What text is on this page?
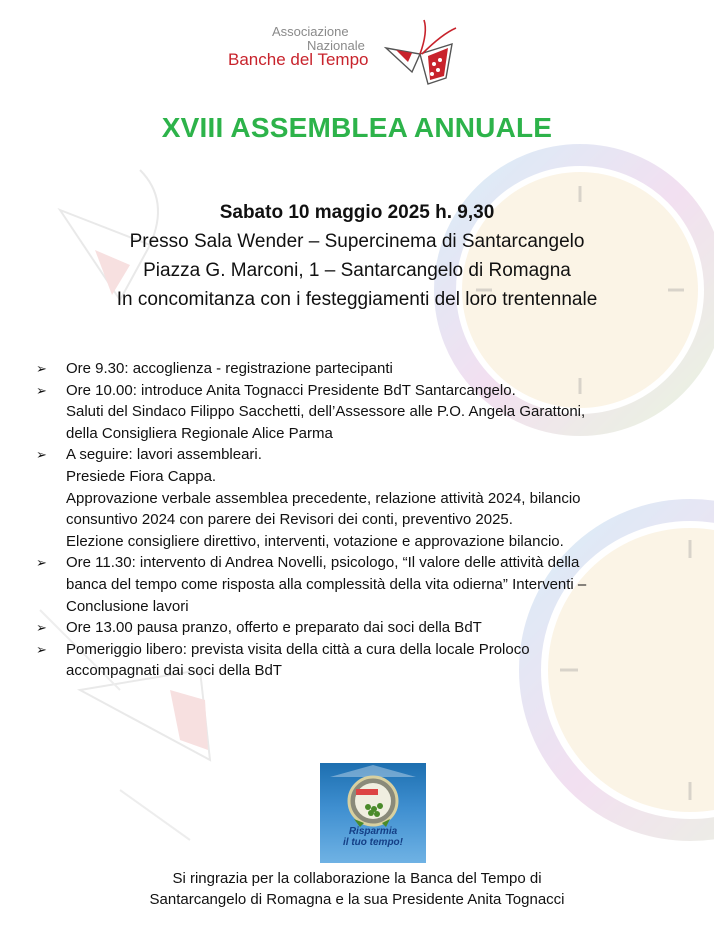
Associazione
Nazionale
Banche del Tempo
XVIII ASSEMBLEA ANNUALE
Sabato 10 maggio 2025 h. 9,30
Presso Sala Wender – Supercinema di Santarcangelo
Piazza G. Marconi, 1 – Santarcangelo di Romagna
In concomitanza con i festeggiamenti del loro trentennale
➢ Ore 9.30: accoglienza - registrazione partecipanti
➢ Ore 10.00: introduce Anita Tognacci Presidente BdT Santarcangelo.
Saluti del Sindaco Filippo Sacchetti, dell’Assessore alle P.O. Angela Garattoni,
della Consigliera Regionale Alice Parma
➢ A seguire: lavori assembleari.
Presiede Fiora Cappa.
Approvazione verbale assemblea precedente, relazione attività 2024, bilancio
consuntivo 2024 con parere dei Revisori dei conti, preventivo 2025.
Elezione consigliere direttivo, interventi, votazione e approvazione bilancio.
➢ Ore 11.30: intervento di Andrea Novelli, psicologo, “Il valore delle attività della
banca del tempo come risposta alla complessità della vita odierna” Interventi –
Conclusione lavori
➢ Ore 13.00 pausa pranzo, offerto e preparato dai soci della BdT
➢ Pomeriggio libero: prevista visita della città a cura della locale Proloco
accompagnati dai soci della BdT
Risparmia
il tuo tempo!
Si ringrazia per la collaborazione la Banca del Tempo di
Santarcangelo di Romagna e la sua Presidente Anita Tognacci
